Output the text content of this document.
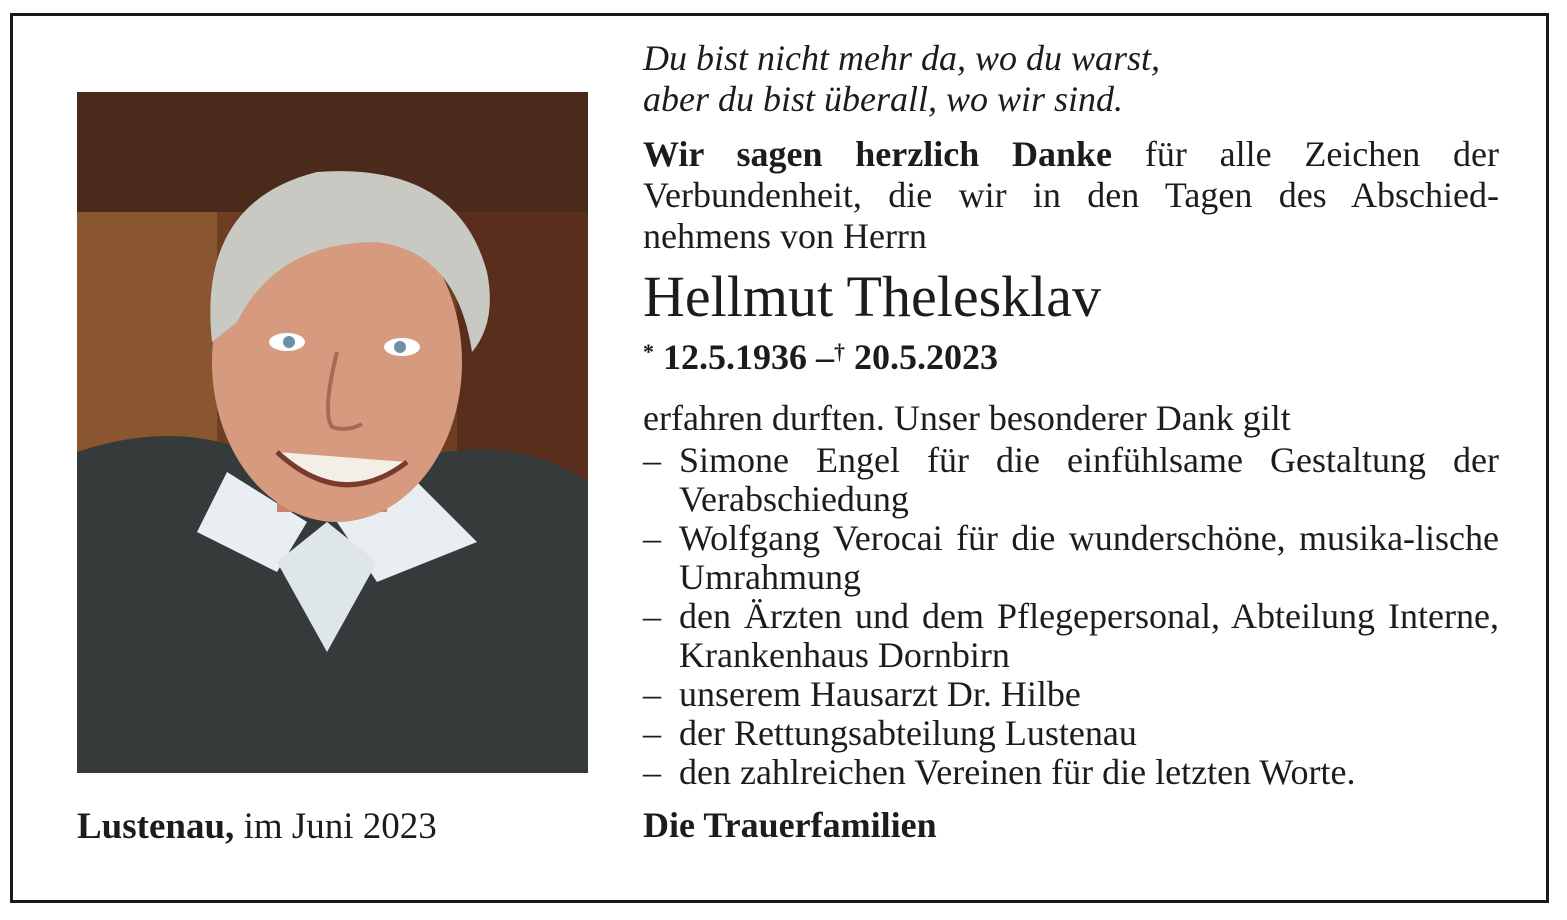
Lustenau, im Juni 2023

Du bist nicht mehr da, wo du warst,
aber du bist überall, wo wir sind.

Wir sagen herzlich Danke für alle Zeichen der Verbundenheit, die wir in den Tagen des Abschied-nehmens von Herrn

Hellmut Thelesklav

* 12.5.1936 –† 20.5.2023

erfahren durften. Unser besonderer Dank gilt

– Simone Engel für die einfühlsame Gestaltung der Verabschiedung
– Wolfgang Verocai für die wunderschöne, musika-lische Umrahmung
– den Ärzten und dem Pflegepersonal, Abteilung Interne, Krankenhaus Dornbirn
– unserem Hausarzt Dr. Hilbe
– der Rettungsabteilung Lustenau
– den zahlreichen Vereinen für die letzten Worte.

Die Trauerfamilien
